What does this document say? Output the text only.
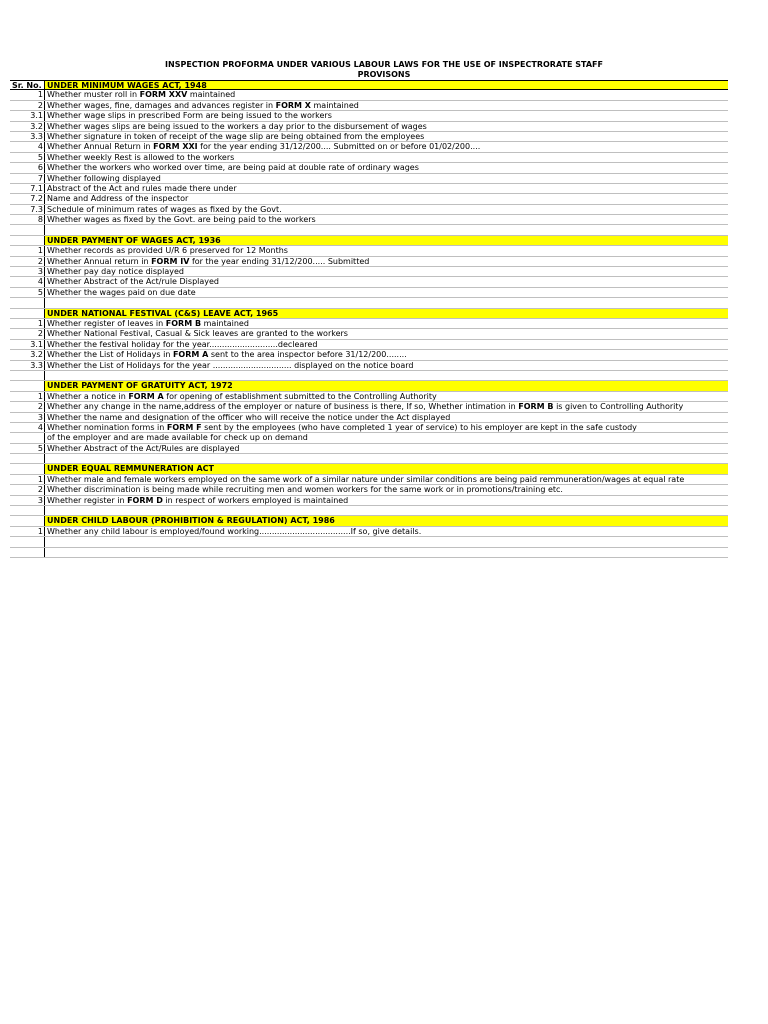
INSPECTION PROFORMA UNDER VARIOUS LABOUR LAWS FOR THE USE OF INSPECTRORATE STAFF
PROVISONS
Sr. No. UNDER MINIMUM WAGES ACT, 1948
1 Whether muster roll in FORM XXV maintained
2 Whether wages, fine, damages and advances register in FORM X maintained
3.1 Whether wage slips in prescribed Form are being issued to the workers
3.2 Whether wages slips are being issued to the workers a day prior to the disbursement of wages
3.3 Whether signature in token of receipt of the wage slip are being obtained from the employees
4 Whether Annual Return in FORM XXI for the year ending 31/12/200.... Submitted on or before 01/02/200....
5 Whether weekly Rest is allowed to the workers
6 Whether the workers who worked over time, are being paid at double rate of ordinary wages
7 Whether following displayed
7.1 Abstract of the Act and rules made there under
7.2 Name and Address of the inspector
7.3 Schedule of minimum rates of wages as fixed by the Govt.
8 Whether wages as fixed by the Govt. are being paid to the workers
UNDER PAYMENT OF WAGES ACT, 1936
1 Whether records as provided U/R 6 preserved for 12 Months
2 Whether Annual return in FORM IV for the year ending 31/12/200..... Submitted
3 Whether pay day notice displayed
4 Whether Abstract of the Act/rule Displayed
5 Whether the wages paid on due date
UNDER NATIONAL FESTIVAL (C&S) LEAVE ACT, 1965
1 Whether register of leaves in FORM B maintained
2 Whether National Festival, Casual & Sick leaves are granted to the workers
3.1 Whether the festival holiday for the year...........................decleared
3.2 Whether the List of Holidays in FORM A sent to the area inspector before 31/12/200........
3.3 Whether the List of Holidays for the year ............................... displayed on the notice board
UNDER PAYMENT OF GRATUITY ACT, 1972
1 Whether a notice in FORM A for opening of establishment submitted to the Controlling Authority
2 Whether any change in the name,address of the employer or nature of business is there, If so, Whether intimation in FORM B is given to Controlling Authority
3 Whether the name and designation of the officer who will receive the notice under the Act displayed
4 Whether nomination forms in FORM F sent by the employees (who have completed 1 year of service) to his employer are kept in the safe custody
of the employer and are made available for check up on demand
5 Whether Abstract of the Act/Rules are displayed
UNDER EQUAL REMMUNERATION ACT
1 Whether male and female workers employed on the same work of a similar nature under similar conditions are being paid remmuneration/wages at equal rate
2 Whether discrimination is being made while recruiting men and women workers for the same work or in promotions/training etc.
3 Whether register in FORM D in respect of workers employed is maintained
UNDER CHILD LABOUR (PROHIBITION & REGULATION) ACT, 1986
1 Whether any child labour is employed/found working....................................If so, give details.
